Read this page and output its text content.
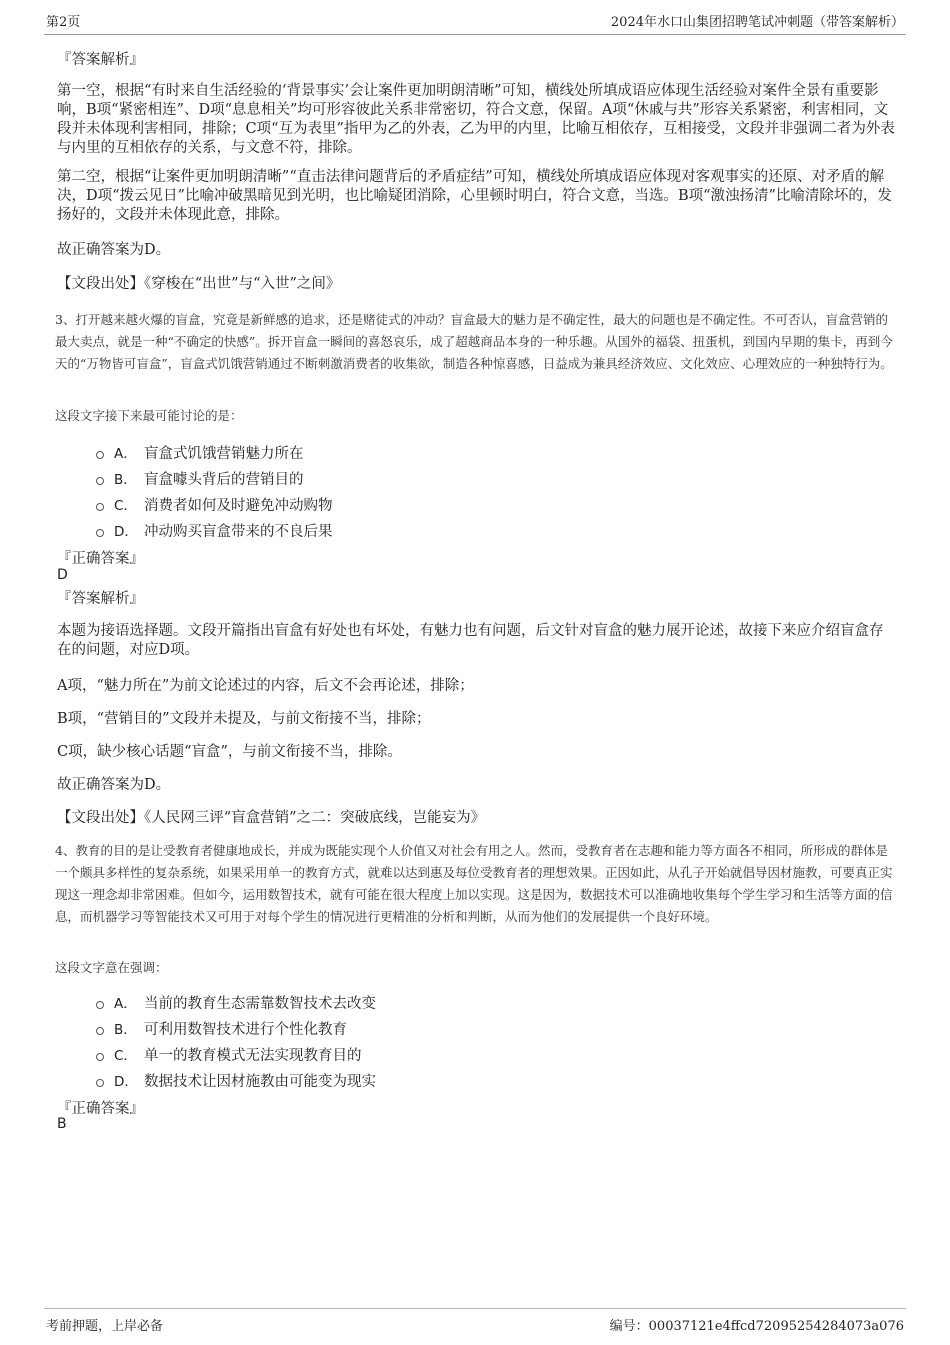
第2页	2024年水口山集团招聘笔试冲刺题（带答案解析）
『答案解析』

第一空，根据“有时来自生活经验的‘背景事实’会让案件更加明朗清晰”可知，横线处所填成语应体现生活经验对案件全景有重要影响，B项“紧密相连”、D项“息息相关”均可形容彼此关系非常密切，符合文意，保留。A项“休戚与共”形容关系紧密，利害相同，文段并未体现利害相同，排除；C项“互为表里”指甲为乙的外表，乙为甲的内里，比喻互相依存，互相接受，文段并非强调二者为外表与内里的互相依存的关系，与文意不符，排除。

第二空，根据“让案件更加明朗清晰”“直击法律问题背后的矛盾症结”可知，横线处所填成语应体现对客观事实的还原、对矛盾的解决，D项“拨云见日”比喻冲破黑暗见到光明，也比喻疑团消除，心里顿时明白，符合文意，当选。B项“激浊扬清”比喻清除坏的，发扬好的，文段并未体现此意，排除。

故正确答案为D。
【文段出处】《穿梭在“出世”与“入世”之间》
3、打开越来越火爆的盲盒，究竟是新鲜感的追求，还是赌徒式的冲动？盲盒最大的魅力是不确定性，最大的问题也是不确定性。不可否认，盲盒营销的最大卖点，就是一种“不确定的快感”。拆开盲盒一瞬间的喜怒哀乐，成了超越商品本身的一种乐趣。从国外的福袋、扭蛋机，到国内早期的集卡，再到今天的“万物皆可盲盒”，盲盒式饥饿营销通过不断刺激消费者的收集欲，制造各种惊喜感，日益成为兼具经济效应、文化效应、心理效应的一种独特行为。
这段文字接下来最可能讨论的是：
A． 盲盒式饥饿营销魅力所在
B． 盲盒噱头背后的营销目的
C． 消费者如何及时避免冲动购物
D． 冲动购买盲盒带来的不良后果
『正确答案』
D
『答案解析』

本题为接语选择题。文段开篇指出盲盒有好处也有坏处，有魅力也有问题，后文针对盲盒的魅力展开论述，故接下来应介绍盲盒存在的问题，对应D项。

A项，“魅力所在”为前文论述过的内容，后文不会再论述，排除；
B项，“营销目的”文段并未提及，与前文衔接不当，排除；
C项，缺少核心话题“盲盒”，与前文衔接不当，排除。
故正确答案为D。
【文段出处】《人民网三评“盲盒营销”之二：突破底线，岂能妄为》
4、教育的目的是让受教育者健康地成长，并成为既能实现个人价值又对社会有用之人。然而，受教育者在志趣和能力等方面各不相同，所形成的群体是一个颇具多样性的复杂系统，如果采用单一的教育方式，就难以达到惠及每位受教育者的理想效果。正因如此，从孔子开始就倡导因材施教，可要真正实现这一理念却非常困难。但如今，运用数智技术，就有可能在很大程度上加以实现。这是因为，数据技术可以准确地收集每个学生学习和生活等方面的信息，而机器学习等智能技术又可用于对每个学生的情况进行更精准的分析和判断，从而为他们的发展提供一个良好环境。
这段文字意在强调：
A． 当前的教育生态需靠数智技术去改变
B． 可利用数智技术进行个性化教育
C． 单一的教育模式无法实现教育目的
D． 数据技术让因材施教由可能变为现实
『正确答案』
B
考前押题，上岸必备	编号：00037121e4ffcd72095254284073a076
